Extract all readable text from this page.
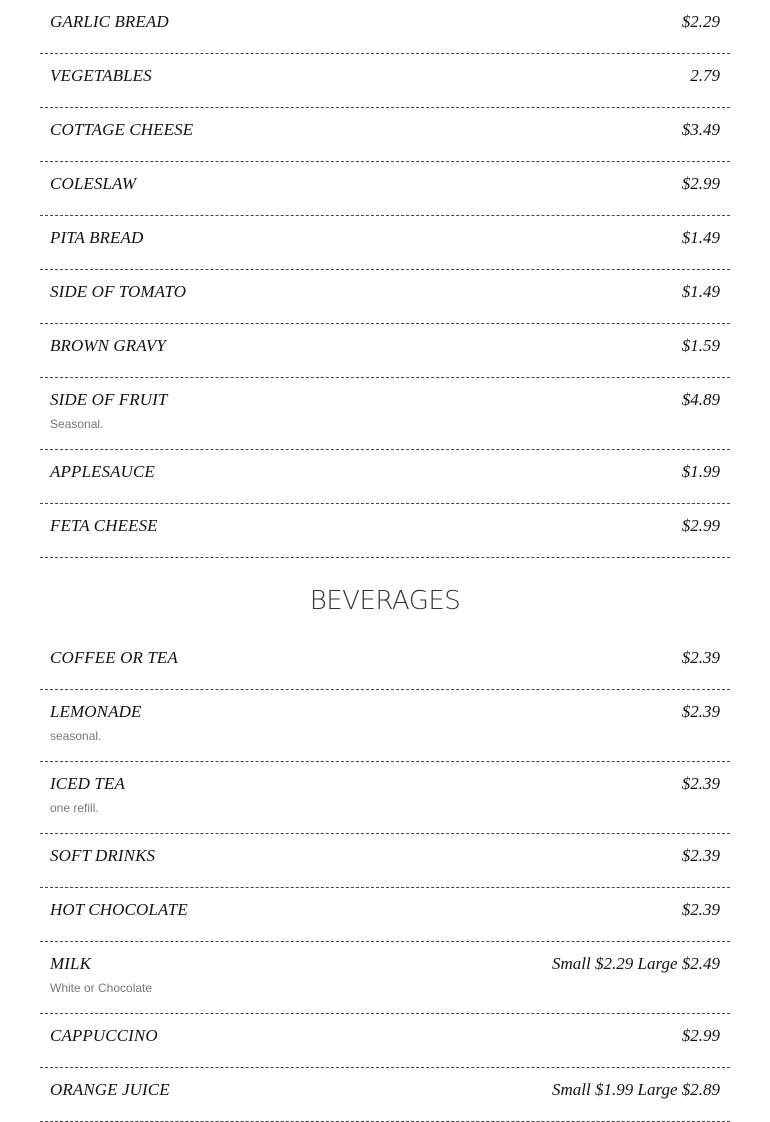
GARLIC BREAD	$2.29
VEGETABLES	2.79
COTTAGE CHEESE	$3.49
COLESLAW	$2.99
PITA BREAD	$1.49
SIDE OF TOMATO	$1.49
BROWN GRAVY	$1.59
SIDE OF FRUIT	$4.89
Seasonal.
APPLESAUCE	$1.99
FETA CHEESE	$2.99
BEVERAGES
COFFEE OR TEA	$2.39
LEMONADE	$2.39
seasonal.
ICED TEA	$2.39
one refill.
SOFT DRINKS	$2.39
HOT CHOCOLATE	$2.39
MILK	Small $2.29 Large $2.49
White or Chocolate
CAPPUCCINO	$2.99
ORANGE JUICE	Small $1.99 Large $2.89
